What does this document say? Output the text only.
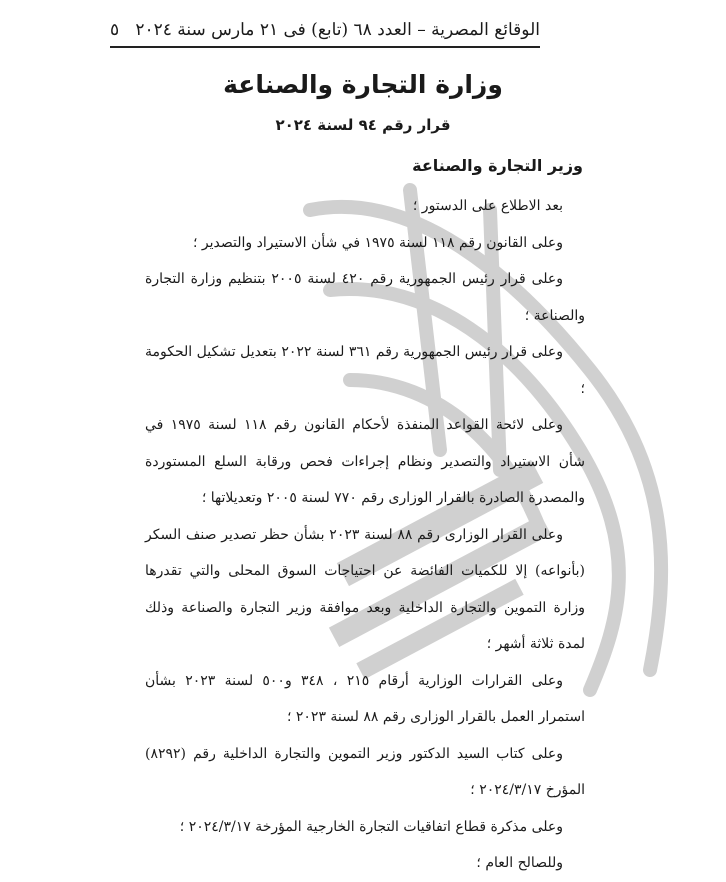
الوقائع المصرية – العدد ٦٨ (تابع) فى ٢١ مارس سنة ٢٠٢٤
٥
وزارة التجارة والصناعة
قرار رقم ٩٤ لسنة ٢٠٢٤
وزير التجارة والصناعة

بعد الاطلاع على الدستور ؛

وعلى القانون رقم ١١٨ لسنة ١٩٧٥ في شأن الاستيراد والتصدير ؛

وعلى قرار رئيس الجمهورية رقم ٤٢٠ لسنة ٢٠٠٥ بتنظيم وزارة التجارة والصناعة ؛

وعلى قرار رئيس الجمهورية رقم ٣٦١ لسنة ٢٠٢٢ بتعديل تشكيل الحكومة ؛

وعلى لائحة القواعد المنفذة لأحكام القانون رقم ١١٨ لسنة ١٩٧٥ في شأن الاستيراد والتصدير ونظام إجراءات فحص ورقابة السلع المستوردة والمصدرة الصادرة بالقرار الوزارى رقم ٧٧٠ لسنة ٢٠٠٥ وتعديلاتها ؛

وعلى القرار الوزارى رقم ٨٨ لسنة ٢٠٢٣ بشأن حظر تصدير صنف السكر (بأنواعه) إلا للكميات الفائضة عن احتياجات السوق المحلى والتي تقدرها وزارة التموين والتجارة الداخلية وبعد موافقة وزير التجارة والصناعة وذلك لمدة ثلاثة أشهر ؛

وعلى القرارات الوزارية أرقام ٢١٥ ، ٣٤٨ و٥٠٠ لسنة ٢٠٢٣ بشأن استمرار العمل بالقرار الوزارى رقم ٨٨ لسنة ٢٠٢٣ ؛

وعلى كتاب السيد الدكتور وزير التموين والتجارة الداخلية رقم (٨٢٩٢) المؤرخ ٢٠٢٤/٣/١٧ ؛

وعلى مذكرة قطاع اتفاقيات التجارة الخارجية المؤرخة ٢٠٢٤/٣/١٧ ؛

وللصالح العام ؛
